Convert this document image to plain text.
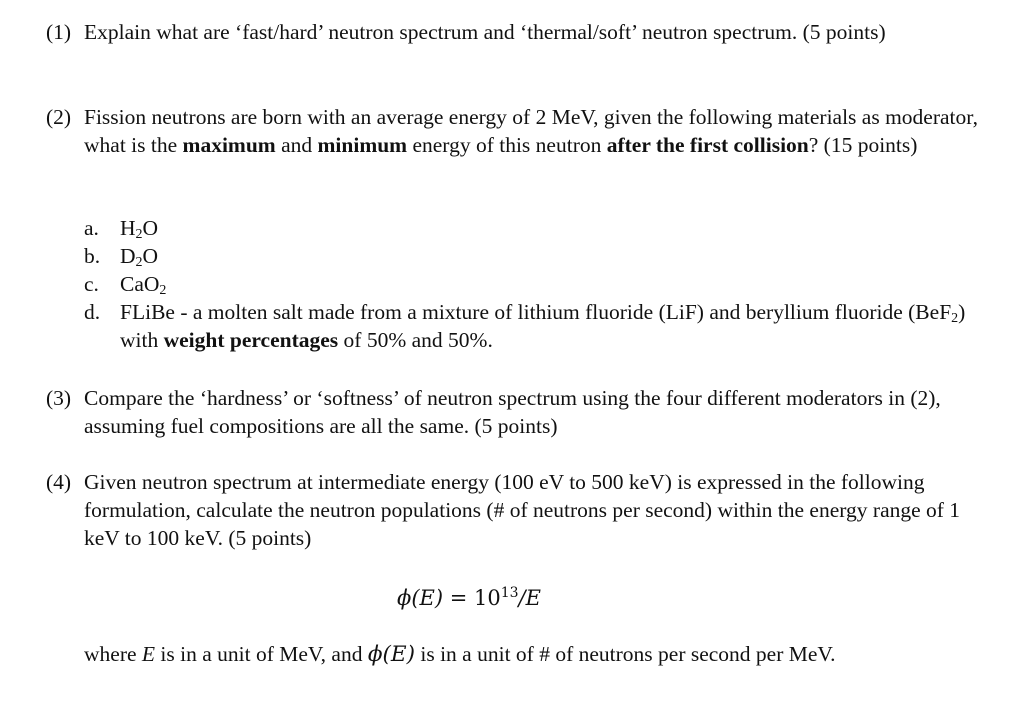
(1) Explain what are ‘fast/hard’ neutron spectrum and ‘thermal/soft’ neutron spectrum. (5 points)
(2) Fission neutrons are born with an average energy of 2 MeV, given the following materials as moderator, what is the maximum and minimum energy of this neutron after the first collision? (15 points)
a. $H_2O$
b. $D_2O$
c. CaO$_2$
d. FLiBe - a molten salt made from a mixture of lithium fluoride (LiF) and beryllium fluoride (BeF$_2$) with weight percentages of 50% and 50%.
(3) Compare the ‘hardness’ or ‘softness’ of neutron spectrum using the four different moderators in (2), assuming fuel compositions are all the same. (5 points)
(4) Given neutron spectrum at intermediate energy (100 eV to 500 keV) is expressed in the following formulation, calculate the neutron populations (# of neutrons per second) within the energy range of 1 keV to 100 keV. (5 points)
$\phi(E) = 10^{13}/E$
where E is in a unit of MeV, and ϕ(E) is in a unit of # of neutrons per second per MeV.
